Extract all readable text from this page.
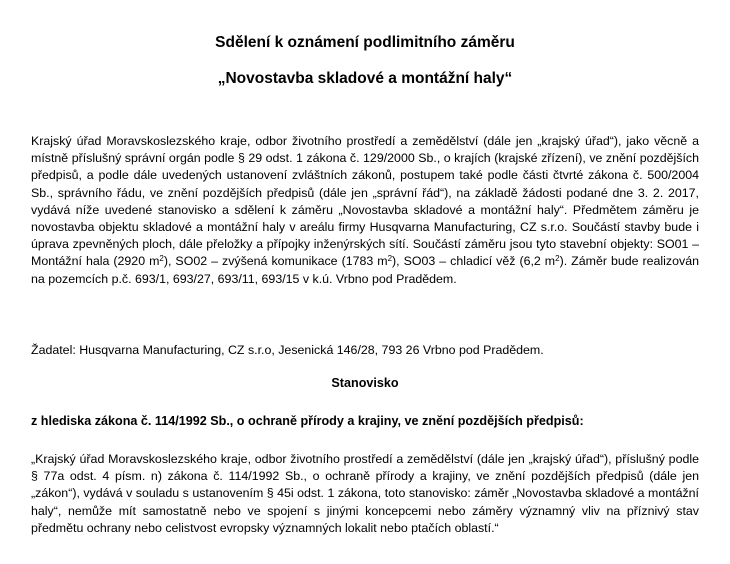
Sdělení k oznámení podlimitního záměru
„Novostavba skladové a montážní haly“

Krajský úřad Moravskoslezského kraje, odbor životního prostředí a zemědělství (dále jen „krajský úřad“), jako věcně a místně příslušný správní orgán podle § 29 odst. 1 zákona č. 129/2000 Sb., o krajích (krajské zřízení), ve znění pozdějších předpisů, a podle dále uvedených ustanovení zvláštních zákonů, postupem také podle části čtvrté zákona č. 500/2004 Sb., správního řádu, ve znění pozdějších předpisů (dále jen „správní řád“), na základě žádosti podané dne 3. 2. 2017, vydává níže uvedené stanovisko a sdělení k záměru „Novostavba skladové a montážní haly“. Předmětem záměru je novostavba objektu skladové a montážní haly v areálu firmy Husqvarna Manufacturing, CZ s.r.o. Součástí stavby bude i úprava zpevněných ploch, dále přeložky a přípojky inženýrských sítí. Součástí záměru jsou tyto stavební objekty: SO01 – Montážní hala (2920 $m^2$), SO02 – zvýšená komunikace (1783 $m^2$), SO03 – chladicí věž (6,2 $m^2$). Záměr bude realizován na pozemcích p.č. 693/1, 693/27, 693/11, 693/15 v k.ú. Vrbno pod Pradědem.

Žadatel: Husqvarna Manufacturing, CZ s.r.o, Jesenická 146/28, 793 26 Vrbno pod Pradědem.

Stanovisko
z hlediska zákona č. 114/1992 Sb., o ochraně přírody a krajiny, ve znění pozdějších předpisů:

„Krajský úřad Moravskoslezského kraje, odbor životního prostředí a zemědělství (dále jen „krajský úřad“), příslušný podle § 77a odst. 4 písm. n) zákona č. 114/1992 Sb., o ochraně přírody a krajiny, ve znění pozdějších předpisů (dále jen „zákon“), vydává v souladu s ustanovením § 45i odst. 1 zákona, toto stanovisko: záměr „Novostavba skladové a montážní haly“, nemůže mít samostatně nebo ve spojení s jinými koncepcemi nebo záměry významný vliv na příznivý stav předmětu ochrany nebo celistvost evropsky významných lokalit nebo ptačích oblastí.“
